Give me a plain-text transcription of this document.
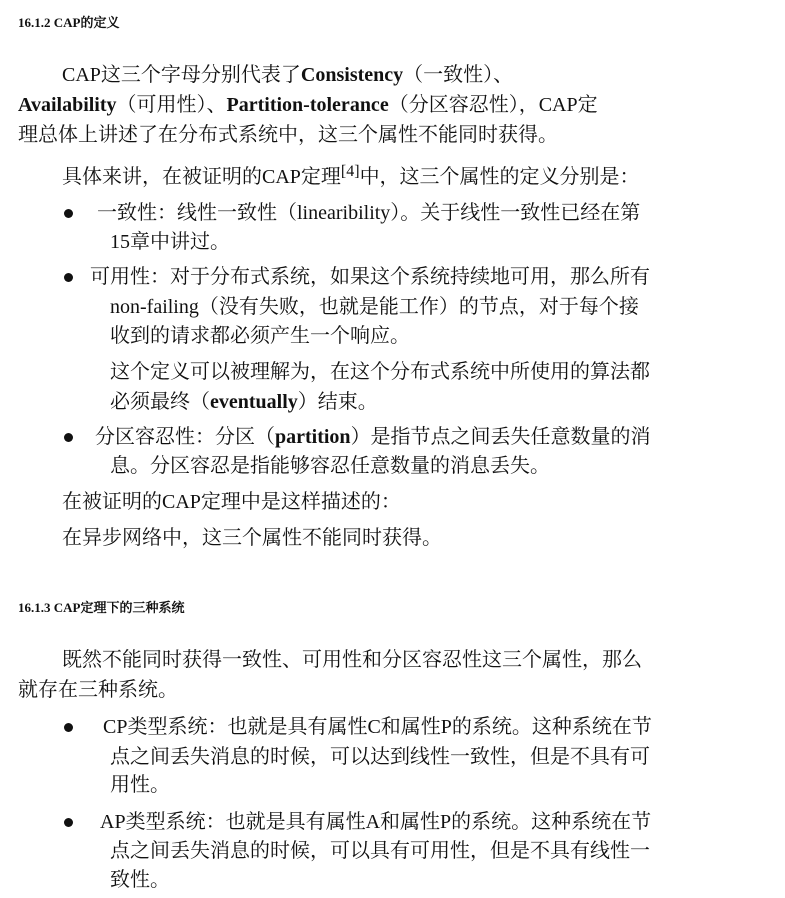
16.1.2 CAP的定义
CAP这三个字母分别代表了Consistency（一致性）、
Availability（可用性）、Partition-tolerance（分区容忍性），CAP定
理总体上讲述了在分布式系统中，这三个属性不能同时获得。
具体来讲，在被证明的CAP定理[4]中，这三个属性的定义分别是：
一致性：线性一致性（linearibility）。关于线性一致性已经在第
15章中讲过。
可用性：对于分布式系统，如果这个系统持续地可用，那么所有
non-failing（没有失败，也就是能工作）的节点，对于每个接
收到的请求都必须产生一个响应。
这个定义可以被理解为，在这个分布式系统中所使用的算法都
必须最终（eventually）结束。
分区容忍性：分区（partition）是指节点之间丢失任意数量的消
息。分区容忍是指能够容忍任意数量的消息丢失。
在被证明的CAP定理中是这样描述的：
在异步网络中，这三个属性不能同时获得。
16.1.3 CAP定理下的三种系统
既然不能同时获得一致性、可用性和分区容忍性这三个属性，那么
就存在三种系统。
CP类型系统：也就是具有属性C和属性P的系统。这种系统在节
点之间丢失消息的时候，可以达到线性一致性，但是不具有可
用性。
AP类型系统：也就是具有属性A和属性P的系统。这种系统在节
点之间丢失消息的时候，可以具有可用性，但是不具有线性一
致性。
